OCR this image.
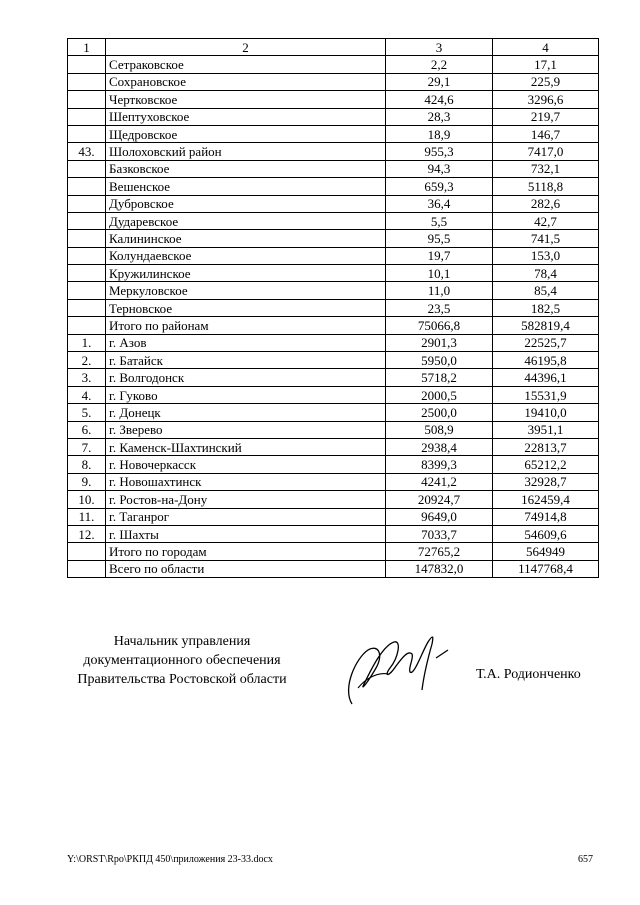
1	2	3	4
	Сетраковское	2,2	17,1
	Сохрановское	29,1	225,9
	Чертковское	424,6	3296,6
	Шептуховское	28,3	219,7
	Щедровское	18,9	146,7
43.	Шолоховский район	955,3	7417,0
	Базковское	94,3	732,1
	Вешенское	659,3	5118,8
	Дубровское	36,4	282,6
	Дударевское	5,5	42,7
	Калининское	95,5	741,5
	Колундаевское	19,7	153,0
	Кружилинское	10,1	78,4
	Меркуловское	11,0	85,4
	Терновское	23,5	182,5
	Итого по районам	75066,8	582819,4
1.	г. Азов	2901,3	22525,7
2.	г. Батайск	5950,0	46195,8
3.	г. Волгодонск	5718,2	44396,1
4.	г. Гуково	2000,5	15531,9
5.	г. Донецк	2500,0	19410,0
6.	г. Зверево	508,9	3951,1
7.	г. Каменск-Шахтинский	2938,4	22813,7
8.	г. Новочеркасск	8399,3	65212,2
9.	г. Новошахтинск	4241,2	32928,7
10.	г. Ростов-на-Дону	20924,7	162459,4
11.	г. Таганрог	9649,0	74914,8
12.	г. Шахты	7033,7	54609,6
	Итого по городам	72765,2	564949
	Всего по области	147832,0	1147768,4
Начальник управления
документационного обеспечения
Правительства Ростовской области	Т.А. Родионченко
Y:\ORST\Rpo\РКПД 450\приложения 23-33.docx	657
